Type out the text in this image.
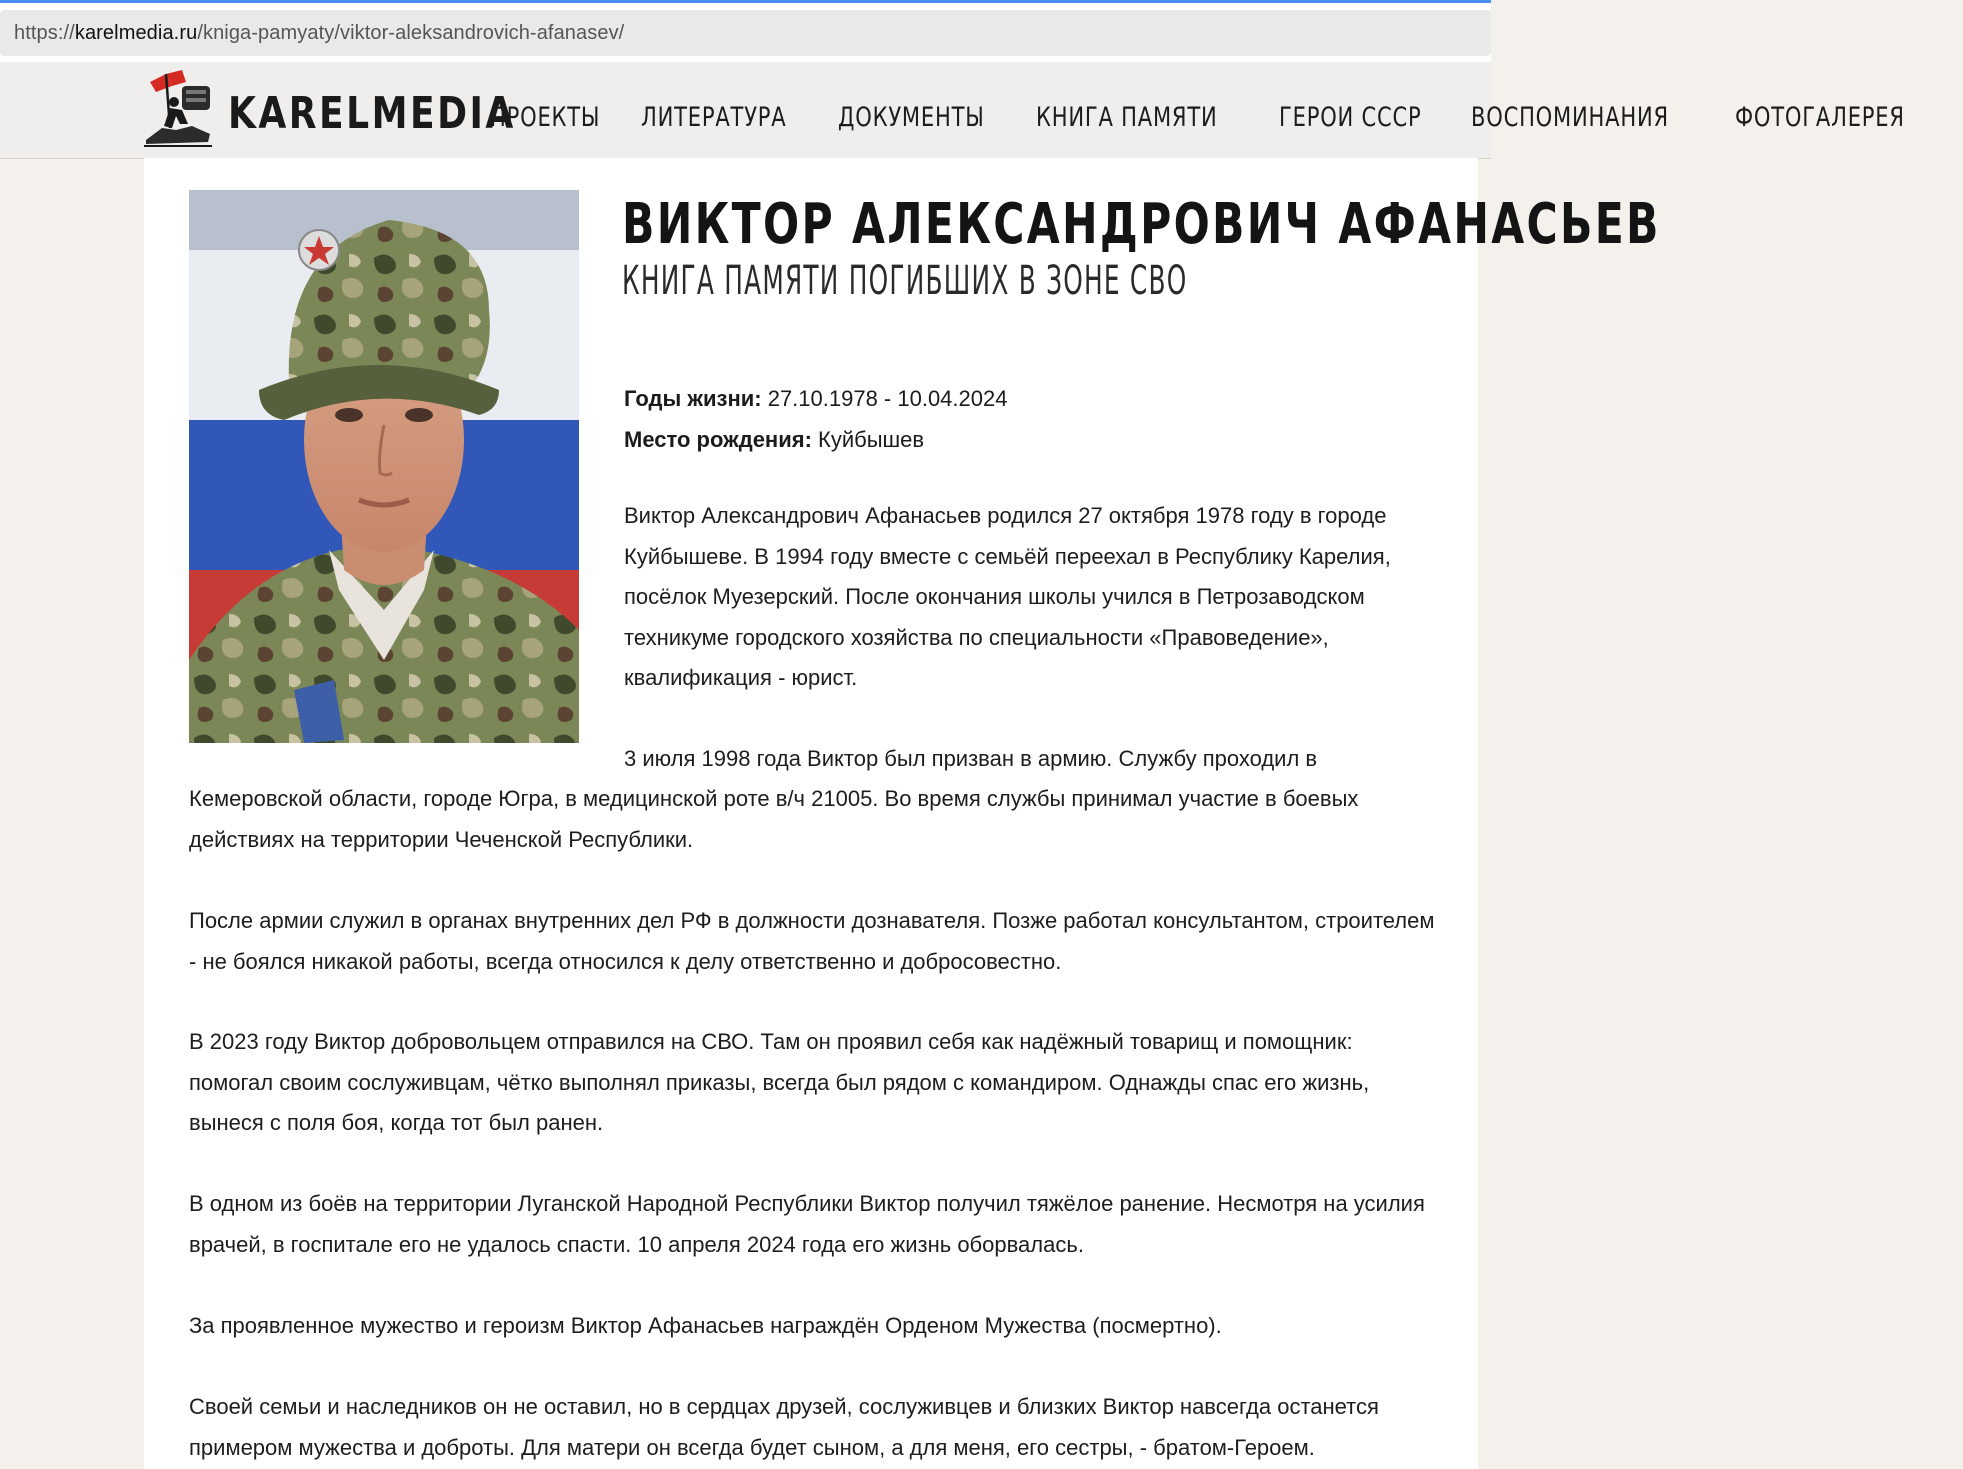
https://karelmedia.ru/kniga-pamyaty/viktor-aleksandrovich-afanasev/
KARELMEDIA
ПРОЕКТЫ ЛИТЕРАТУРА ДОКУМЕНТЫ КНИГА ПАМЯТИ ГЕРОИ СССР ВОСПОМИНАНИЯ ФОТОГАЛЕРЕЯ
ВИКТОР АЛЕКСАНДРОВИЧ АФАНАСЬЕВ
КНИГА ПАМЯТИ ПОГИБШИХ В ЗОНЕ СВО
Годы жизни: 27.10.1978 - 10.04.2024
Место рождения: Куйбышев
Виктор Александрович Афанасьев родился 27 октября 1978 году в городе
Куйбышеве. В 1994 году вместе с семьёй переехал в Республику Карелия,
посёлок Муезерский. После окончания школы учился в Петрозаводском
техникуме городского хозяйства по специальности «Правоведение»,
квалификация - юрист.
3 июля 1998 года Виктор был призван в армию. Службу проходил в
Кемеровской области, городе Югра, в медицинской роте в/ч 21005. Во время службы принимал участие в боевых
действиях на территории Чеченской Республики.
После армии служил в органах внутренних дел РФ в должности дознавателя. Позже работал консультантом, строителем
- не боялся никакой работы, всегда относился к делу ответственно и добросовестно.
В 2023 году Виктор добровольцем отправился на СВО. Там он проявил себя как надёжный товарищ и помощник:
помогал своим сослуживцам, чётко выполнял приказы, всегда был рядом с командиром. Однажды спас его жизнь,
вынеся с поля боя, когда тот был ранен.
В одном из боёв на территории Луганской Народной Республики Виктор получил тяжёлое ранение. Несмотря на усилия
врачей, в госпитале его не удалось спасти. 10 апреля 2024 года его жизнь оборвалась.
За проявленное мужество и героизм Виктор Афанасьев награждён Орденом Мужества (посмертно).
Своей семьи и наследников он не оставил, но в сердцах друзей, сослуживцев и близких Виктор навсегда останется
примером мужества и доброты. Для матери он всегда будет сыном, а для меня, его сестры, - братом-Героем.
